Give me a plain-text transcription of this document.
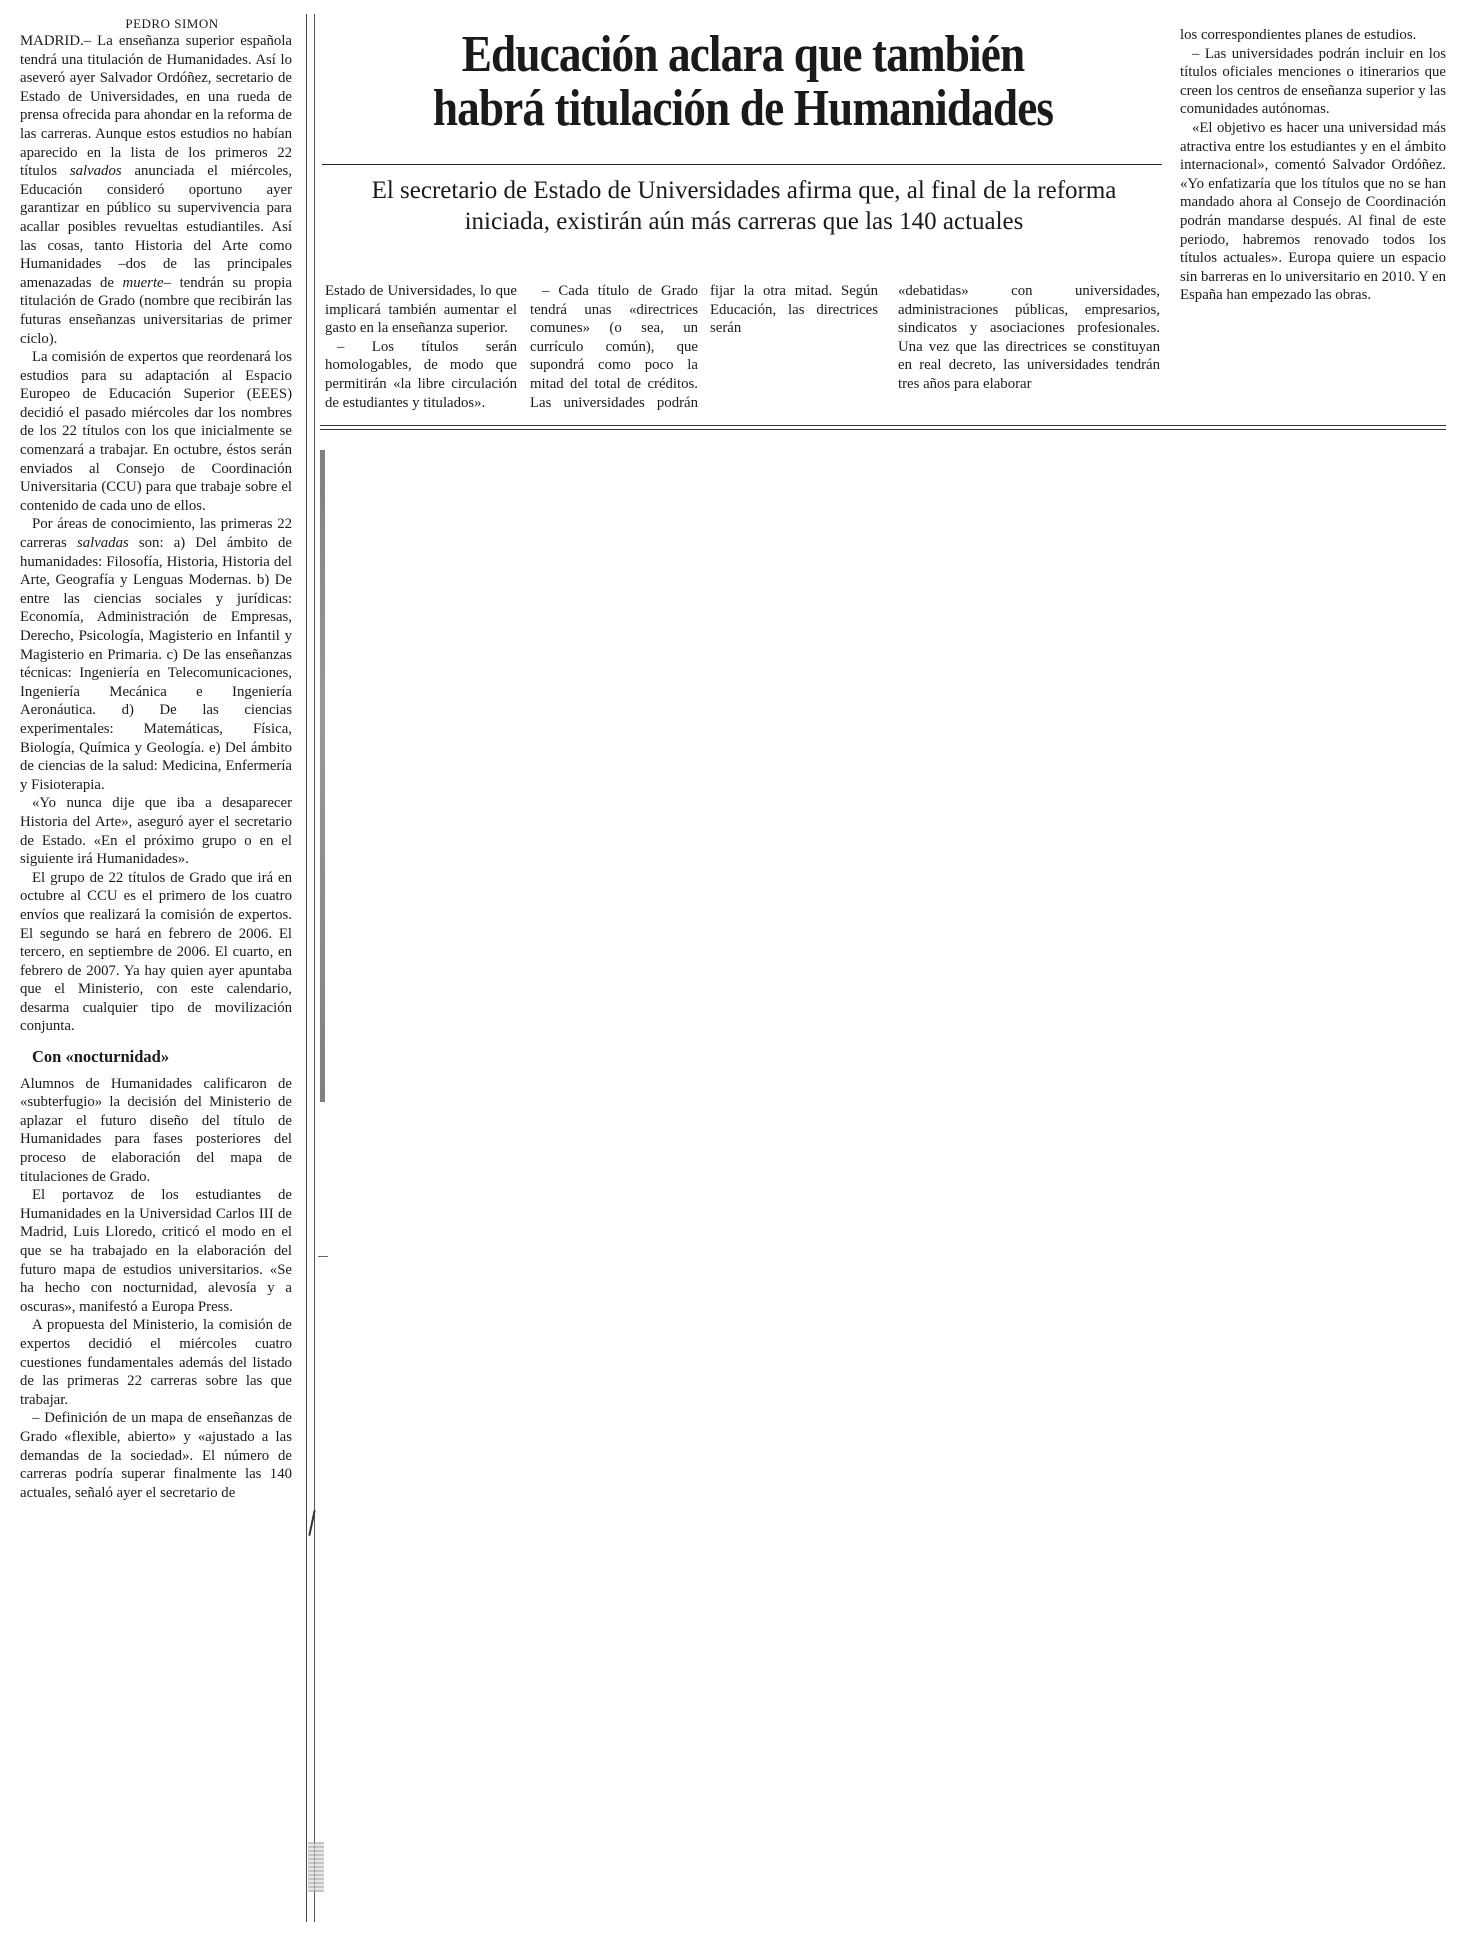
PEDRO SIMON

MADRID.– La enseñanza superior española tendrá una titulación de Humanidades. Así lo aseveró ayer Salvador Ordóñez, secretario de Estado de Universidades, en una rueda de prensa ofrecida para ahondar en la reforma de las carreras. Aunque estos estudios no habían aparecido en la lista de los primeros 22 títulos salvados anunciada el miércoles, Educación consideró oportuno ayer garantizar en público su supervivencia para acallar posibles revueltas estudiantiles. Así las cosas, tanto Historia del Arte como Humanidades –dos de las principales amenazadas de muerte– tendrán su propia titulación de Grado (nombre que recibirán las futuras enseñanzas universitarias de primer ciclo).

La comisión de expertos que reordenará los estudios para su adaptación al Espacio Europeo de Educación Superior (EEES) decidió el pasado miércoles dar los nombres de los 22 títulos con los que inicialmente se comenzará a trabajar. En octubre, éstos serán enviados al Consejo de Coordinación Universitaria (CCU) para que trabaje sobre el contenido de cada uno de ellos.

Por áreas de conocimiento, las primeras 22 carreras salvadas son: a) Del ámbito de humanidades: Filosofía, Historia, Historia del Arte, Geografía y Lenguas Modernas. b) De entre las ciencias sociales y jurídicas: Economía, Administración de Empresas, Derecho, Psicología, Magisterio en Infantil y Magisterio en Primaria. c) De las enseñanzas técnicas: Ingeniería en Telecomunicaciones, Ingeniería Mecánica e Ingeniería Aeronáutica. d) De las ciencias experimentales: Matemáticas, Física, Biología, Química y Geología. e) Del ámbito de ciencias de la salud: Medicina, Enfermería y Fisioterapia.

«Yo nunca dije que iba a desaparecer Historia del Arte», aseguró ayer el secretario de Estado. «En el próximo grupo o en el siguiente irá Humanidades».

El grupo de 22 títulos de Grado que irá en octubre al CCU es el primero de los cuatro envíos que realizará la comisión de expertos. El segundo se hará en febrero de 2006. El tercero, en septiembre de 2006. El cuarto, en febrero de 2007. Ya hay quien ayer apuntaba que el Ministerio, con este calendario, desarma cualquier tipo de movilización conjunta.

Con «nocturnidad»

Alumnos de Humanidades calificaron de «subterfugio» la decisión del Ministerio de aplazar el futuro diseño del título de Humanidades para fases posteriores del proceso de elaboración del mapa de titulaciones de Grado.

El portavoz de los estudiantes de Humanidades en la Universidad Carlos III de Madrid, Luis Lloredo, criticó el modo en el que se ha trabajado en la elaboración del futuro mapa de estudios universitarios. «Se ha hecho con nocturnidad, alevosía y a oscuras», manifestó a Europa Press.

A propuesta del Ministerio, la comisión de expertos decidió el miércoles cuatro cuestiones fundamentales además del listado de las primeras 22 carreras sobre las que trabajar.

– Definición de un mapa de enseñanzas de Grado «flexible, abierto» y «ajustado a las demandas de la sociedad». El número de carreras podría superar finalmente las 140 actuales, señaló ayer el secretario de

Educación aclara que también
habrá titulación de Humanidades
El secretario de Estado de Universidades afirma que, al final de la reforma iniciada, existirán aún más carreras que las 140 actuales

Estado de Universidades, lo que implicará también aumentar el gasto en la enseñanza superior.

– Los títulos serán homologables, de modo que permitirán «la libre circulación de estudiantes y titulados».

– Cada título de Grado tendrá unas «directrices comunes» (o sea, un currículo común), que supondrá como poco la mitad del total de créditos. Las universidades podrán fijar la otra mitad. Según Educación, las directrices serán

«debatidas» con universidades, administraciones públicas, empresarios, sindicatos y asociaciones profesionales. Una vez que las directrices se constituyan en real decreto, las universidades tendrán tres años para elaborar

los correspondientes planes de estudios.

– Las universidades podrán incluir en los títulos oficiales menciones o itinerarios que creen los centros de enseñanza superior y las comunidades autónomas.

«El objetivo es hacer una universidad más atractiva entre los estudiantes y en el ámbito internacional», comentó Salvador Ordóñez. «Yo enfatizaría que los títulos que no se han mandado ahora al Consejo de Coordinación podrán mandarse después. Al final de este periodo, habremos renovado todos los títulos actuales». Europa quiere un espacio sin barreras en lo universitario en 2010. Y en España han empezado las obras.
